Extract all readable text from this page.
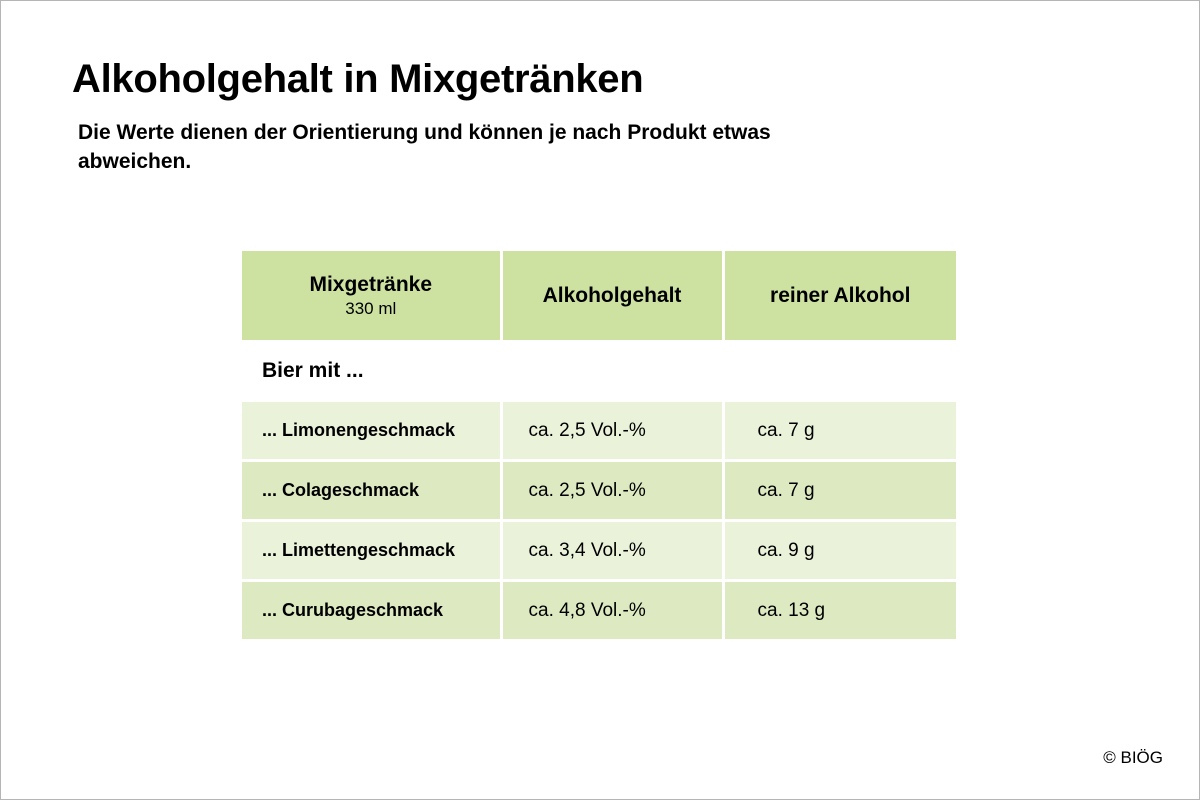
Alkoholgehalt in Mixgetränken

Die Werte dienen der Orientierung und können je nach Produkt etwas abweichen.

Mixgetränke
330 ml	Alkoholgehalt	reiner Alkohol
Bier mit ...		
... Limonengeschmack	ca. 2,5 Vol.-%	ca. 7 g
... Colageschmack	ca. 2,5 Vol.-%	ca. 7 g
... Limettengeschmack	ca. 3,4 Vol.-%	ca. 9 g
... Curubageschmack	ca. 4,8 Vol.-%	ca. 13 g
© BIÖG
